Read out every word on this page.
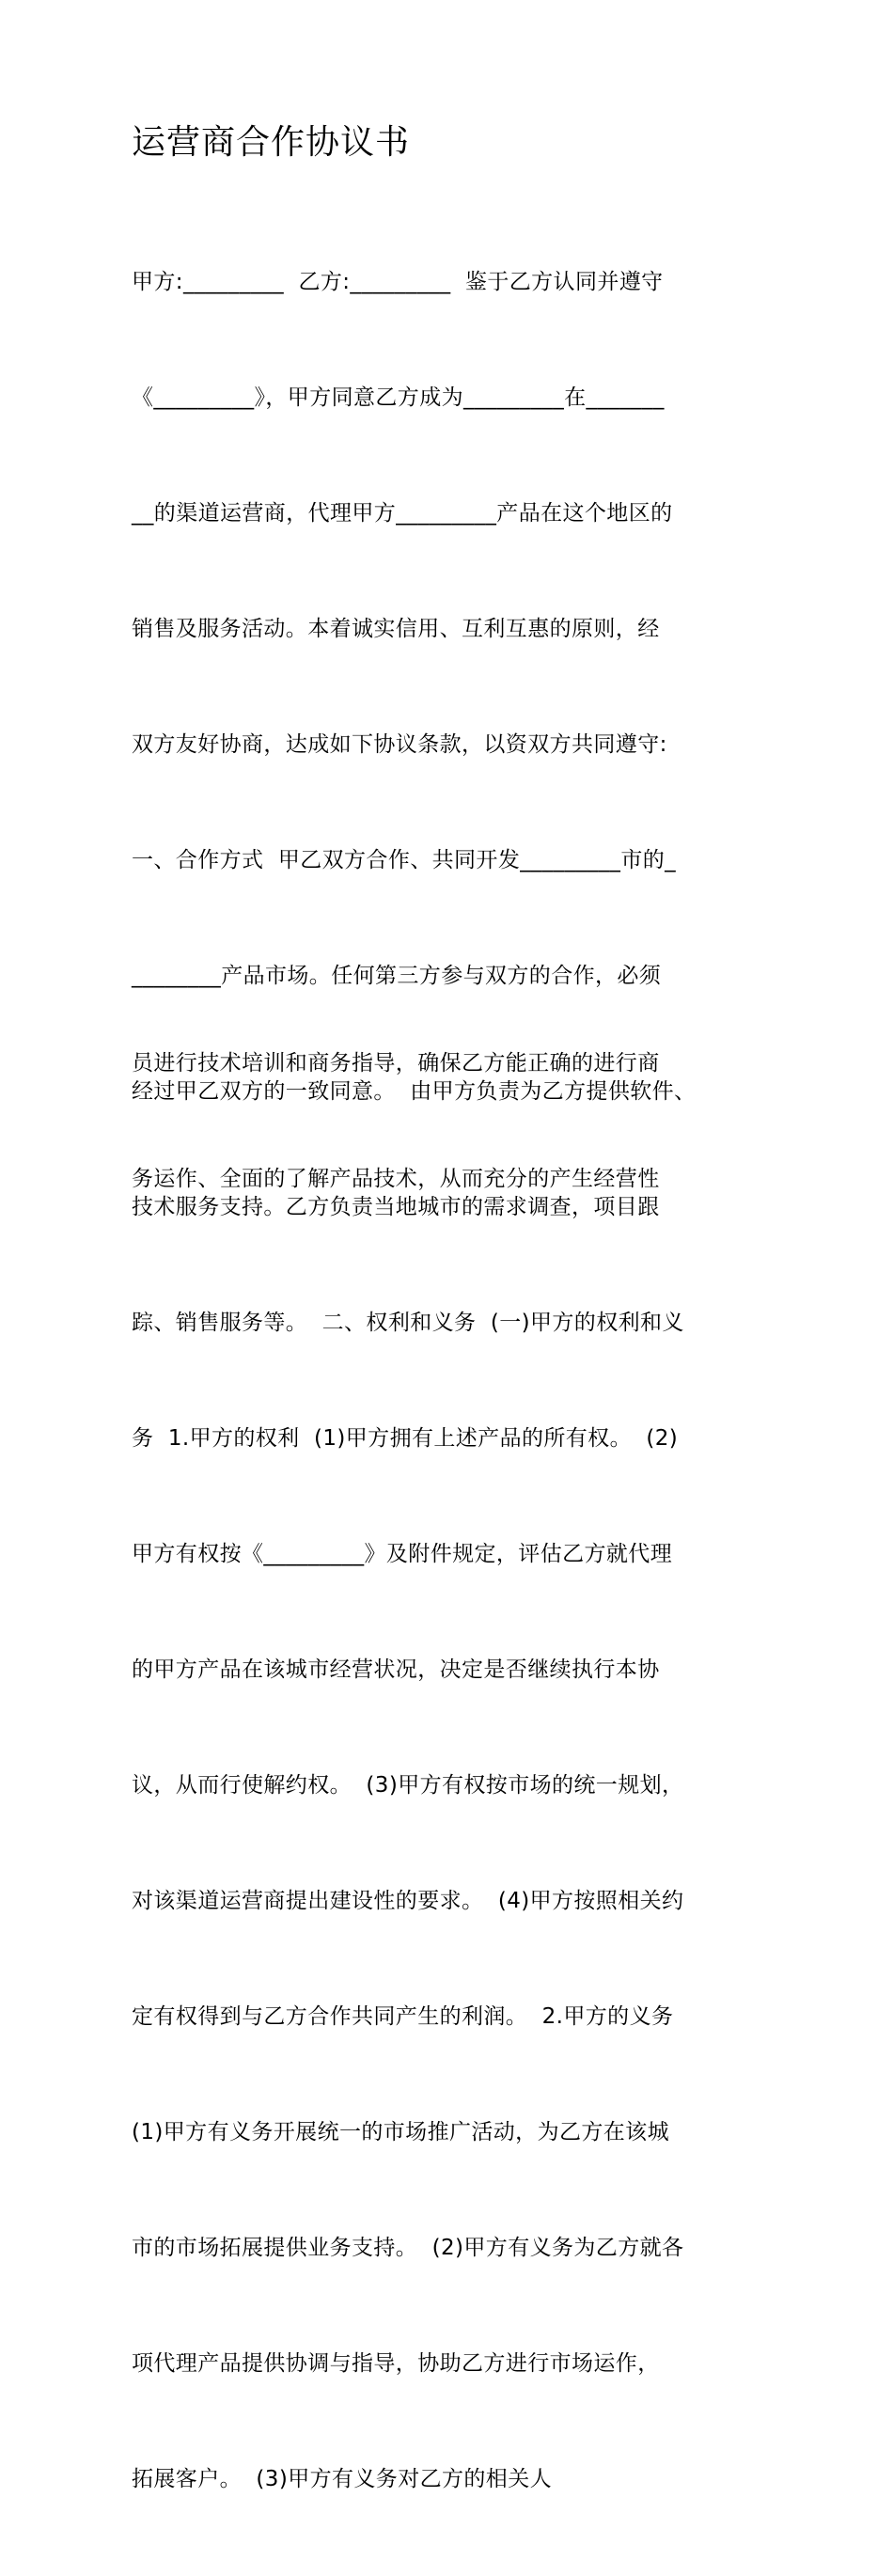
运营商合作协议书

甲方:_________  乙方:_________  鉴于乙方认同并遵守

《_________》，甲方同意乙方成为_________在_______

__的渠道运营商，代理甲方_________产品在这个地区的

销售及服务活动。本着诚实信用、互利互惠的原则，经

双方友好协商，达成如下协议条款，以资双方共同遵守:

一、合作方式  甲乙双方合作、共同开发_________市的_

________产品市场。任何第三方参与双方的合作，必须

经过甲乙双方的一致同意。  由甲方负责为乙方提供软件、

技术服务支持。乙方负责当地城市的需求调查，项目跟

踪、销售服务等。  二、权利和义务  (一)甲方的权利和义

务  1.甲方的权利  (1)甲方拥有上述产品的所有权。  (2)

甲方有权按《_________》及附件规定，评估乙方就代理

的甲方产品在该城市经营状况，决定是否继续执行本协

议，从而行使解约权。  (3)甲方有权按市场的统一规划，

对该渠道运营商提出建设性的要求。  (4)甲方按照相关约

定有权得到与乙方合作共同产生的利润。  2.甲方的义务

(1)甲方有义务开展统一的市场推广活动，为乙方在该城

市的市场拓展提供业务支持。  (2)甲方有义务为乙方就各

项代理产品提供协调与指导，协助乙方进行市场运作，

拓展客户。  (3)甲方有义务对乙方的相关人

员进行技术培训和商务指导，确保乙方能正确的进行商

务运作、全面的了解产品技术，从而充分的产生经营性
